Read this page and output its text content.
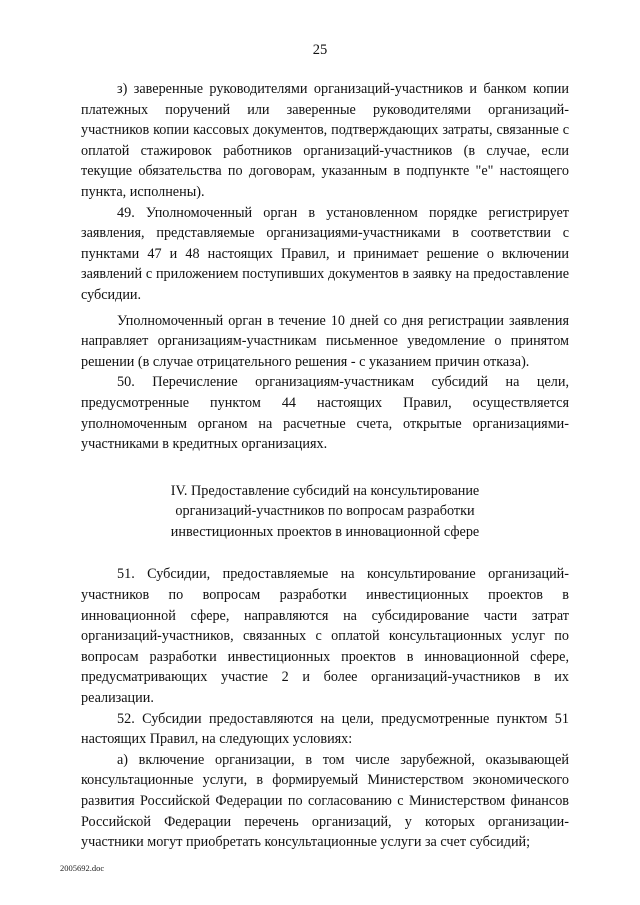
25

з) заверенные руководителями организаций-участников и банком копии платежных поручений или заверенные руководителями организаций-участников копии кассовых документов, подтверждающих затраты, связанные с оплатой стажировок работников организаций-участников (в случае, если текущие обязательства по договорам, указанным в подпункте "е" настоящего пункта, исполнены).

49. Уполномоченный орган в установленном порядке регистрирует заявления, представляемые организациями-участниками в соответствии с пунктами 47 и 48 настоящих Правил, и принимает решение о включении заявлений с приложением поступивших документов в заявку на предоставление субсидии.

Уполномоченный орган в течение 10 дней со дня регистрации заявления направляет организациям-участникам письменное уведомление о принятом решении (в случае отрицательного решения - с указанием причин отказа).

50. Перечисление организациям-участникам субсидий на цели, предусмотренные пунктом 44 настоящих Правил, осуществляется уполномоченным органом на расчетные счета, открытые организациями-участниками в кредитных организациях.

IV. Предоставление субсидий на консультирование
организаций-участников по вопросам разработки
инвестиционных проектов в инновационной сфере

51. Субсидии, предоставляемые на консультирование организаций-участников по вопросам разработки инвестиционных проектов в инновационной сфере, направляются на субсидирование части затрат организаций-участников, связанных с оплатой консультационных услуг по вопросам разработки инвестиционных проектов в инновационной сфере, предусматривающих участие 2 и более организаций-участников в их реализации.

52. Субсидии предоставляются на цели, предусмотренные пунктом 51 настоящих Правил, на следующих условиях:

а) включение организации, в том числе зарубежной, оказывающей консультационные услуги, в формируемый Министерством экономического развития Российской Федерации по согласованию с Министерством финансов Российской Федерации перечень организаций, у которых организации-участники могут приобретать консультационные услуги за счет субсидий;

2005692.doc
